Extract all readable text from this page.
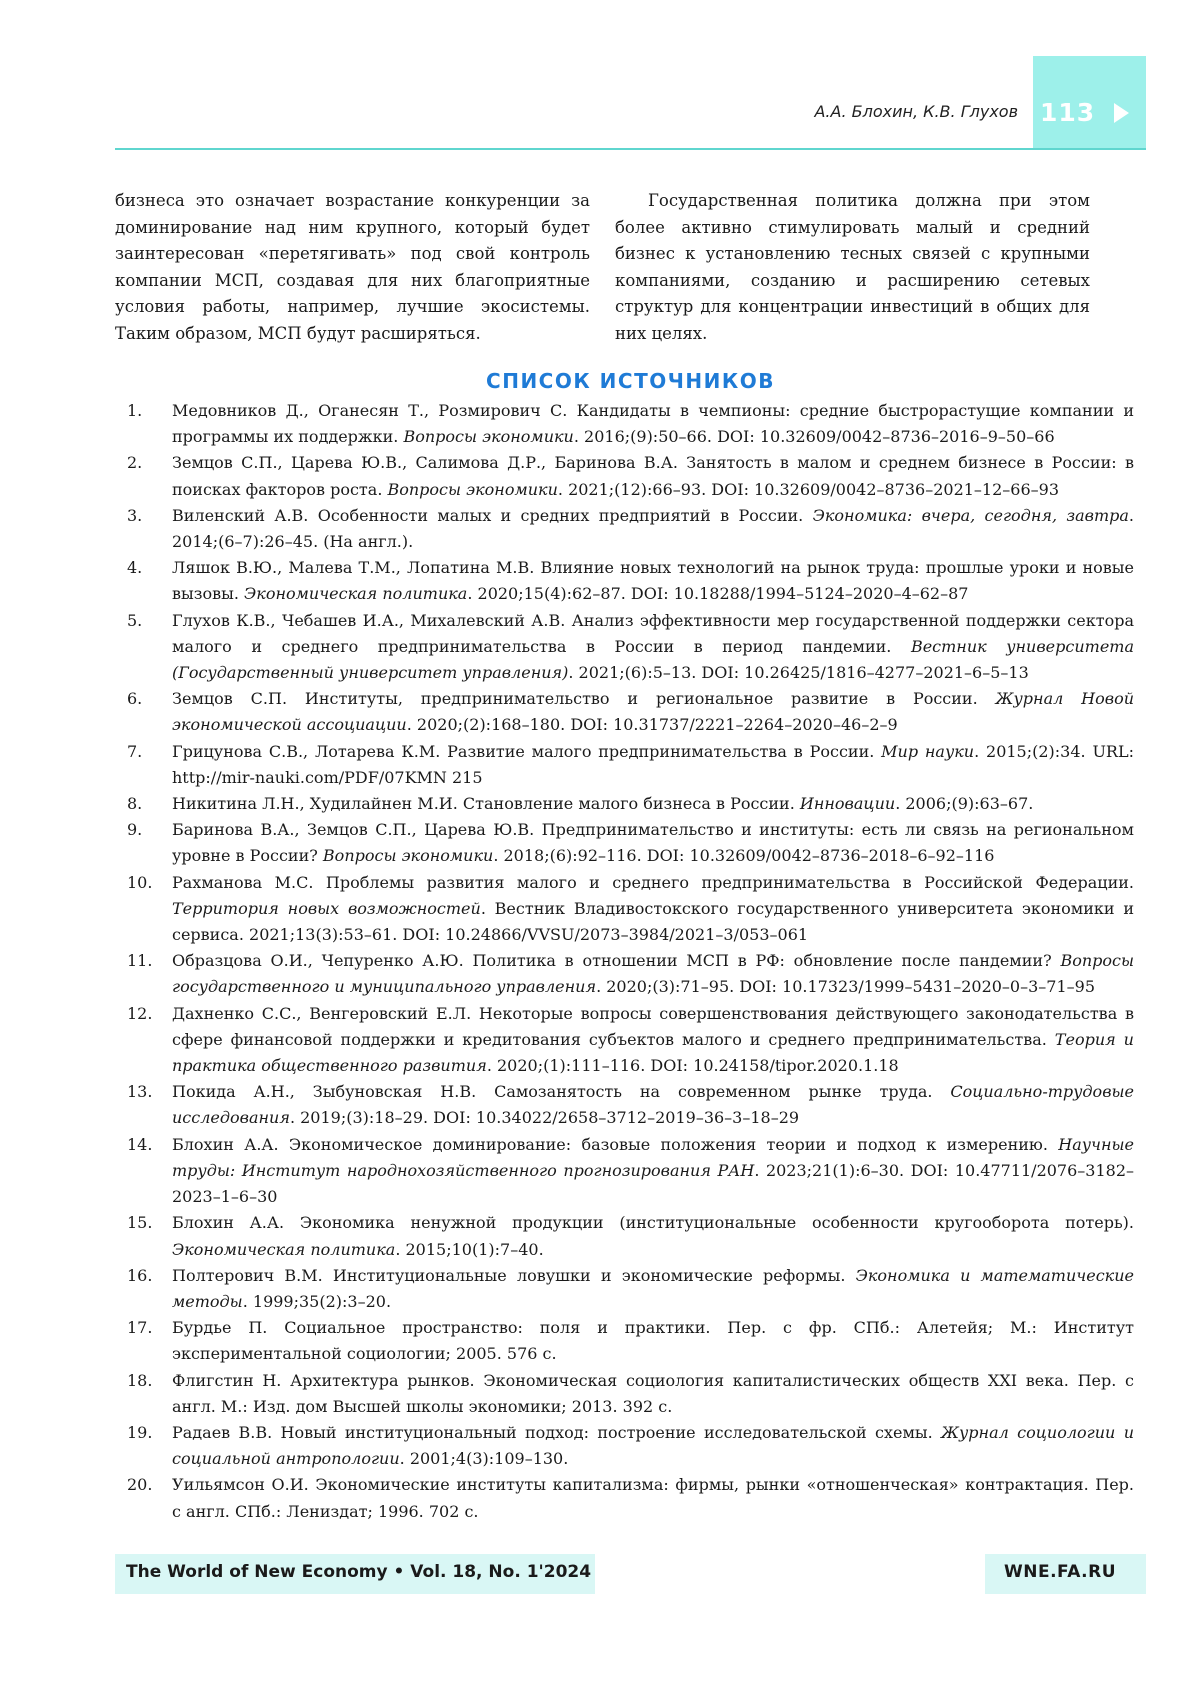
А.А. Блохин, К.В. Глухов 113

бизнеса это означает возрастание конкуренции за доминирование над ним крупного, который будет заинтересован «перетягивать» под свой контроль компании МСП, создавая для них благоприятные условия работы, например, лучшие экосистемы. Таким образом, МСП будут расширяться.

Государственная политика должна при этом более активно стимулировать малый и средний бизнес к установлению тесных связей с крупными компаниями, созданию и расширению сетевых структур для концентрации инвестиций в общих для них целях.

СПИСОК ИСТОЧНИКОВ
1. Медовников Д., Оганесян Т., Розмирович С. Кандидаты в чемпионы: средние быстрорастущие компании и программы их поддержки. Вопросы экономики. 2016;(9):50–66. DOI: 10.32609/0042–8736–2016–9–50–66
2. Земцов С.П., Царева Ю.В., Салимова Д.Р., Баринова В.А. Занятость в малом и среднем бизнесе в России: в поисках факторов роста. Вопросы экономики. 2021;(12):66–93. DOI: 10.32609/0042–8736–2021–12–66–93
3. Виленский А.В. Особенности малых и средних предприятий в России. Экономика: вчера, сегодня, завтра. 2014;(6–7):26–45. (На англ.).
4. Ляшок В.Ю., Малева Т.М., Лопатина М.В. Влияние новых технологий на рынок труда: прошлые уроки и новые вызовы. Экономическая политика. 2020;15(4):62–87. DOI: 10.18288/1994–5124–2020–4–62–87
5. Глухов К.В., Чебашев И.А., Михалевский А.В. Анализ эффективности мер государственной поддержки сектора малого и среднего предпринимательства в России в период пандемии. Вестник университета (Государственный университет управления). 2021;(6):5–13. DOI: 10.26425/1816–4277–2021–6–5–13
6. Земцов С.П. Институты, предпринимательство и региональное развитие в России. Журнал Новой экономической ассоциации. 2020;(2):168–180. DOI: 10.31737/2221–2264–2020–46–2–9
7. Грицунова С.В., Лотарева К.М. Развитие малого предпринимательства в России. Мир науки. 2015;(2):34. URL: http://mir-nauki.com/PDF/07KMN 215
8. Никитина Л.Н., Худилайнен М.И. Становление малого бизнеса в России. Инновации. 2006;(9):63–67.
9. Баринова В.А., Земцов С.П., Царева Ю.В. Предпринимательство и институты: есть ли связь на региональном уровне в России? Вопросы экономики. 2018;(6):92–116. DOI: 10.32609/0042–8736–2018–6–92–116
10. Рахманова М.С. Проблемы развития малого и среднего предпринимательства в Российской Федерации. Территория новых возможностей. Вестник Владивостокского государственного университета экономики и сервиса. 2021;13(3):53–61. DOI: 10.24866/VVSU/2073–3984/2021–3/053–061
11. Образцова О.И., Чепуренко А.Ю. Политика в отношении МСП в РФ: обновление после пандемии? Вопросы государственного и муниципального управления. 2020;(3):71–95. DOI: 10.17323/1999–5431–2020–0–3–71–95
12. Дахненко С.С., Венгеровский Е.Л. Некоторые вопросы совершенствования действующего законодательства в сфере финансовой поддержки и кредитования субъектов малого и среднего предпринимательства. Теория и практика общественного развития. 2020;(1):111–116. DOI: 10.24158/tipor.2020.1.18
13. Покида А.Н., Зыбуновская Н.В. Самозанятость на современном рынке труда. Социально-трудовые исследования. 2019;(3):18–29. DOI: 10.34022/2658–3712–2019–36–3–18–29
14. Блохин А.А. Экономическое доминирование: базовые положения теории и подход к измерению. Научные труды: Институт народнохозяйственного прогнозирования РАН. 2023;21(1):6–30. DOI: 10.47711/2076–3182–2023–1–6–30
15. Блохин А.А. Экономика ненужной продукции (институциональные особенности кругооборота потерь). Экономическая политика. 2015;10(1):7–40.
16. Полтерович В.М. Институциональные ловушки и экономические реформы. Экономика и математические методы. 1999;35(2):3–20.
17. Бурдье П. Социальное пространство: поля и практики. Пер. с фр. СПб.: Алетейя; М.: Институт экспериментальной социологии; 2005. 576 с.
18. Флигстин Н. Архитектура рынков. Экономическая социология капиталистических обществ XXI века. Пер. с англ. М.: Изд. дом Высшей школы экономики; 2013. 392 с.
19. Радаев В.В. Новый институциональный подход: построение исследовательской схемы. Журнал социологии и социальной антропологии. 2001;4(3):109–130.
20. Уильямсон О.И. Экономические институты капитализма: фирмы, рынки «отношенческая» контрактация. Пер. с англ. СПб.: Лениздат; 1996. 702 с.
The World of New Economy • Vol. 18, No. 1'2024	WNE.FA.RU
